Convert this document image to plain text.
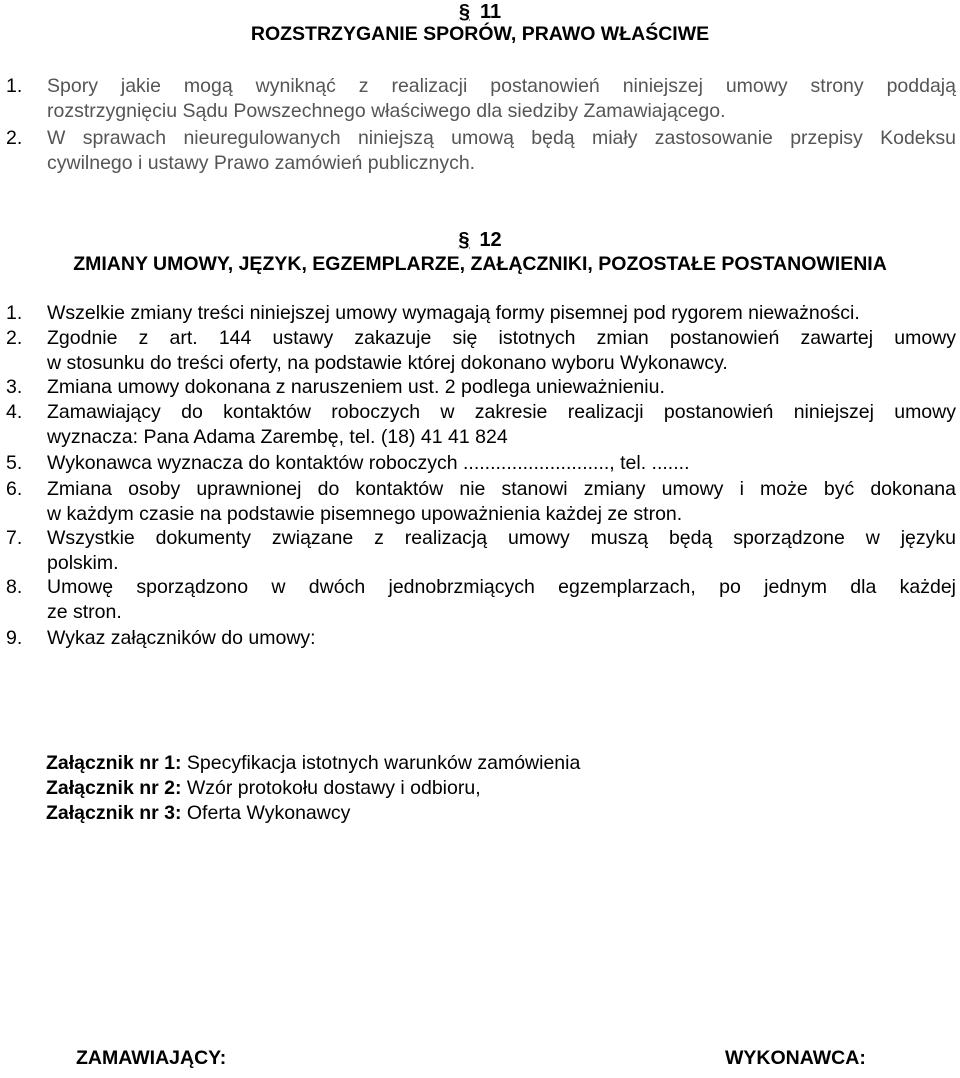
§ 11
ROZSTRZYGANIE SPORÓW, PRAWO WŁAŚCIWE
1.	Spory jakie mogą wyniknąć z realizacji postanowień niniejszej umowy strony poddają
rozstrzygnięciu Sądu Powszechnego właściwego dla siedziby Zamawiającego.
2.	W sprawach nieuregulowanych niniejszą umową będą miały zastosowanie przepisy Kodeksu
cywilnego i ustawy Prawo zamówień publicznych.
§ 12
ZMIANY UMOWY, JĘZYK, EGZEMPLARZE, ZAŁĄCZNIKI, POZOSTAŁE POSTANOWIENIA
1.	Wszelkie zmiany treści niniejszej umowy wymagają formy pisemnej pod rygorem nieważności.
2.	Zgodnie z art. 144 ustawy zakazuje się istotnych zmian postanowień zawartej umowy
w stosunku do treści oferty, na podstawie której dokonano wyboru Wykonawcy.
3.	Zmiana umowy dokonana z naruszeniem ust. 2 podlega unieważnieniu.
4.	Zamawiający do kontaktów roboczych w zakresie realizacji postanowień niniejszej umowy
wyznacza: Pana Adama Zarembę, tel. (18) 41 41 824
5.	Wykonawca wyznacza do kontaktów roboczych ..........................., tel. .......
6.	Zmiana osoby uprawnionej do kontaktów nie stanowi zmiany umowy i może być dokonana
w każdym czasie na podstawie pisemnego upoważnienia każdej ze stron.
7.	Wszystkie dokumenty związane z realizacją umowy muszą będą sporządzone w języku
polskim.
8.	Umowę sporządzono w dwóch jednobrzmiących egzemplarzach, po jednym dla każdej
ze stron.
9.	Wykaz załączników do umowy:
Załącznik nr 1: Specyfikacja istotnych warunków zamówienia
Załącznik nr 2: Wzór protokołu dostawy i odbioru,
Załącznik nr 3: Oferta Wykonawcy
ZAMAWIAJĄCY:	WYKONAWCA:
